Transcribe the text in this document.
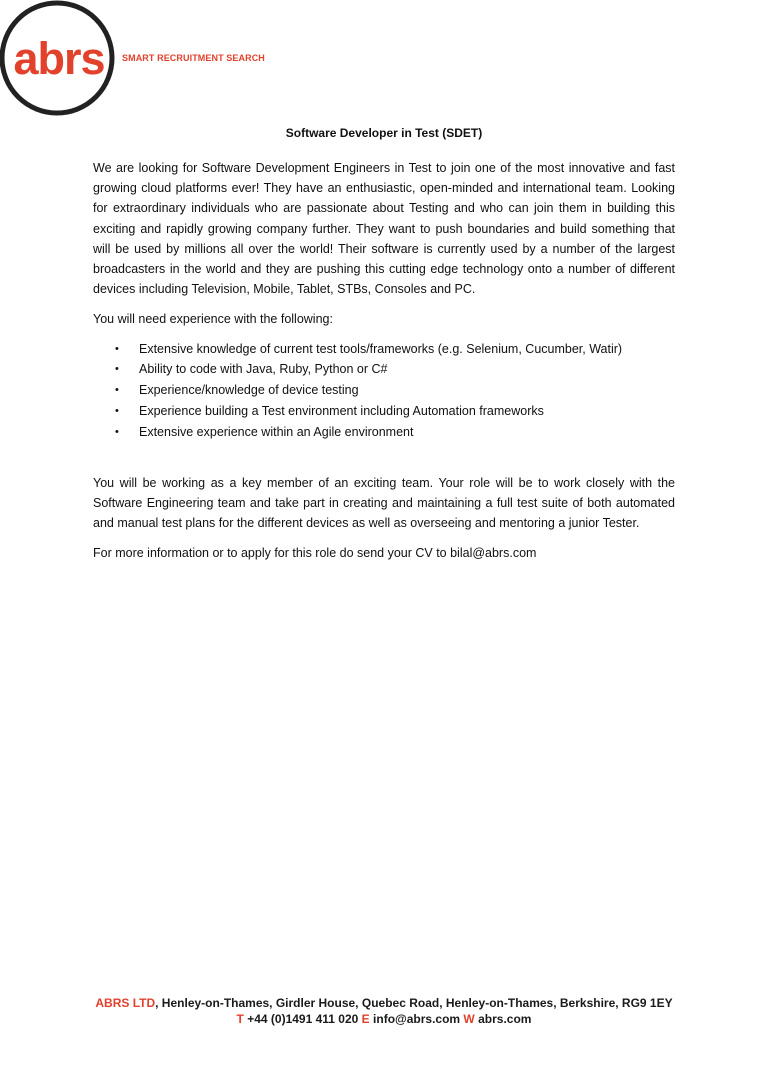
abrs SMART RECRUITMENT SEARCH
Software Developer in Test (SDET)

We are looking for Software Development Engineers in Test to join one of the most innovative and fast growing cloud platforms ever! They have an enthusiastic, open-minded and international team. Looking for extraordinary individuals who are passionate about Testing and who can join them in building this exciting and rapidly growing company further. They want to push boundaries and build something that will be used by millions all over the world! Their software is currently used by a number of the largest broadcasters in the world and they are pushing this cutting edge technology onto a number of different devices including Television, Mobile, Tablet, STBs, Consoles and PC.

You will need experience with the following:

• Extensive knowledge of current test tools/frameworks (e.g. Selenium, Cucumber, Watir)
• Ability to code with Java, Ruby, Python or C#
• Experience/knowledge of device testing
• Experience building a Test environment including Automation frameworks
• Extensive experience within an Agile environment

You will be working as a key member of an exciting team. Your role will be to work closely with the Software Engineering team and take part in creating and maintaining a full test suite of both automated and manual test plans for the different devices as well as overseeing and mentoring a junior Tester.

For more information or to apply for this role do send your CV to bilal@abrs.com

ABRS LTD, Henley-on-Thames, Girdler House, Quebec Road, Henley-on-Thames, Berkshire, RG9 1EY
T +44 (0)1491 411 020 E info@abrs.com W abrs.com
